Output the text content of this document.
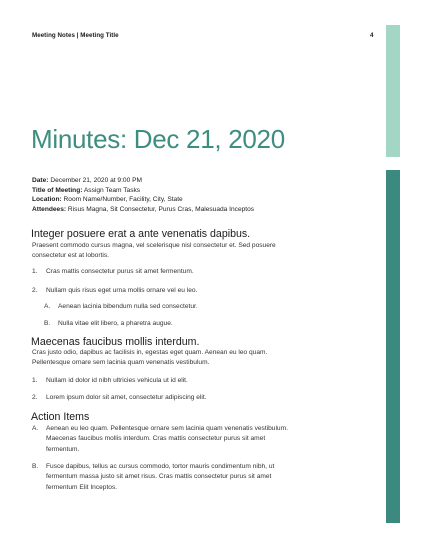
Meeting Notes | Meeting Title	4
Minutes: Dec 21, 2020
Date: December 21, 2020 at 9:00 PM
Title of Meeting: Assign Team Tasks
Location: Room Name/Number, Facility, City, State
Attendees: Risus Magna, Sit Consectetur, Purus Cras, Malesuada Inceptos
Integer posuere erat a ante venenatis dapibus.
Praesent commodo cursus magna, vel scelerisque nisl consectetur et. Sed posuere
consectetur est at lobortis.
1. Cras mattis consectetur purus sit amet fermentum.
2. Nullam quis risus eget urna mollis ornare vel eu leo.
A. Aenean lacinia bibendum nulla sed consectetur.
B. Nulla vitae elit libero, a pharetra augue.
Maecenas faucibus mollis interdum.
Cras justo odio, dapibus ac facilisis in, egestas eget quam. Aenean eu leo quam.
Pellentesque ornare sem lacinia quam venenatis vestibulum.
1. Nullam id dolor id nibh ultricies vehicula ut id elit.
2. Lorem ipsum dolor sit amet, consectetur adipiscing elit.
Action Items
A. Aenean eu leo quam. Pellentesque ornare sem lacinia quam venenatis vestibulum.
Maecenas faucibus mollis interdum. Cras mattis consectetur purus sit amet
fermentum.
B. Fusce dapibus, tellus ac cursus commodo, tortor mauris condimentum nibh, ut
fermentum massa justo sit amet risus. Cras mattis consectetur purus sit amet
fermentum Elit Inceptos.
